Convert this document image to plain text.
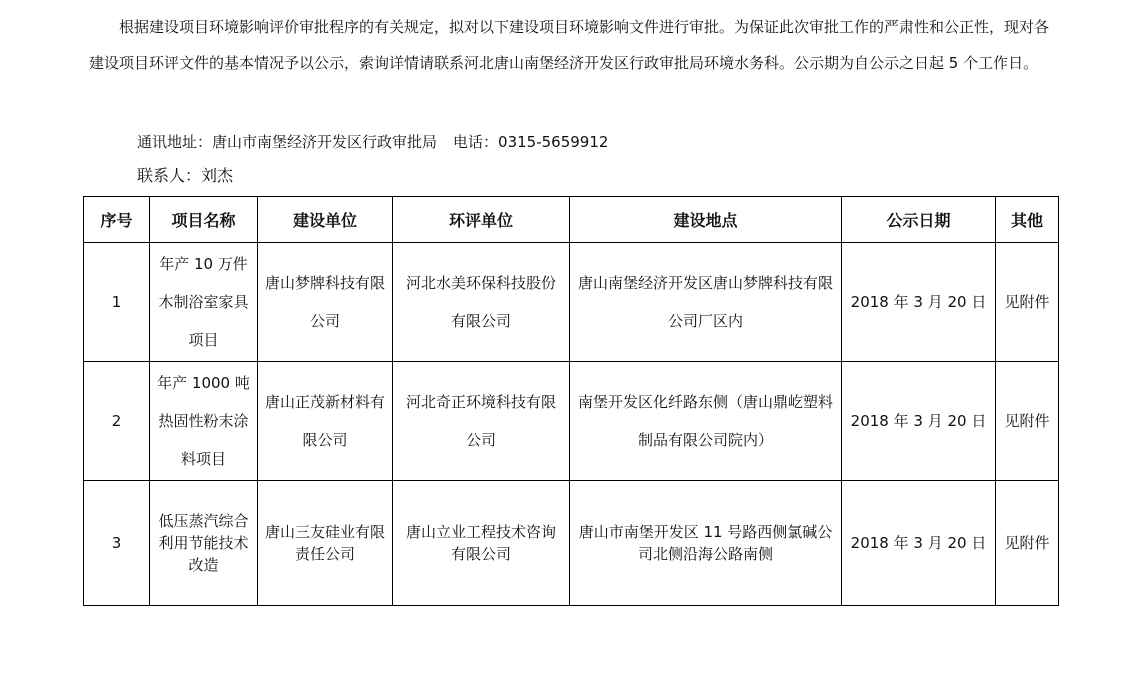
　　根据建设项目环境影响评价审批程序的有关规定，拟对以下建设项目环境影响文件进行审批。为保证此次审批工作的严肃性和公正性，现对各建设项目环评文件的基本情况予以公示，索询详情请联系河北唐山南堡经济开发区行政审批局环境水务科。公示期为自公示之日起 5 个工作日。
通讯地址：唐山市南堡经济开发区行政审批局 电话：0315-5659912
联系人：刘杰
序号	项目名称	建设单位	环评单位	建设地点	公示日期	其他
1	年产 10 万件木制浴室家具项目	唐山梦牌科技有限公司	河北水美环保科技股份有限公司	唐山南堡经济开发区唐山梦牌科技有限公司厂区内	2018 年 3 月 20 日	见附件
2	年产 1000 吨热固性粉末涂料项目	唐山正茂新材料有限公司	河北奇正环境科技有限公司	南堡开发区化纤路东侧（唐山鼎屹塑料制品有限公司院内）	2018 年 3 月 20 日	见附件
3	低压蒸汽综合利用节能技术改造	唐山三友硅业有限责任公司	唐山立业工程技术咨询有限公司	唐山市南堡开发区 11 号路西侧氯碱公司北侧沿海公路南侧	2018 年 3 月 20 日	见附件
